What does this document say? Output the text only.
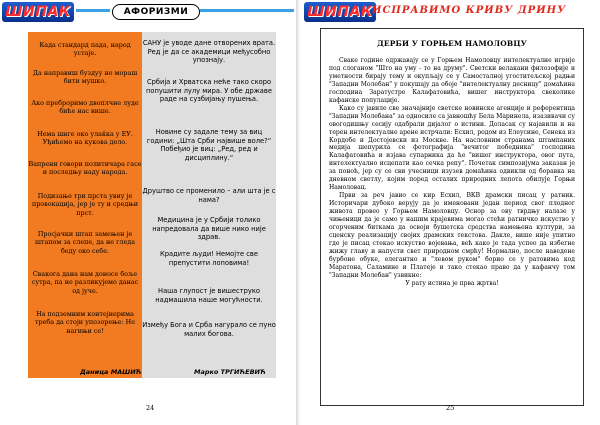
ШИПАК	АФОРИЗМИ
Када стандард пада, народ устаје.
Да направиш буздуу не мораш бити мушко.
Ако преброримо двоплчне луде биће нас више.
Нема шнге око улаќка у ЕУ. Уђићемо на кукова дело.
Вапрени говори политичара гасе и последњу наду народа.
Подизање три прста увиу је провокација, јер је ту и средњи прст.
Просјачки штап замењен је штапом за слепе, да не гледа беду око себе.
Свакога дана нам доносе боље сутра, па не разликујемо данас од јуче.
На подземним контејнерима треба да стоји упозорење: Не нагињи се!
Даница МАШИЋ
САНУ је уводе дане отворених врата. Ред је да се академици међусобно упознају.
Србија и Хрватска неће тако скоро попушити лулу мира. У обе државе раде на сузбијању пушења.
Новине су задале тему за виц години: „Шта Срби највише воле?“ Побеђио је виц: „Ред, ред и дисциплину.“
Друштво се променило – али шта је с нама?
Медицина је у Србији толико напредовала да више нико није здрав.
Крадите људи! Немојте све препустити лоповима!
Наша глупост је вишеструко надмашила наше могућности.
Између Бога и Срба нагурало се пуно малих богова.
Марко ТРГИЋЕВИЋ
24
ШИПАК ИСПРАВИМО КРИВУ ДРИНУ
ДЕРБИ У ГОРЊЕМ НАМОЛОВЦУ

Сваке године одржавају се у Горњем Намоловцу интелектуалне игрије под слоганом "Што на уму - то на друму". Светски велакани филозофије и уметности бирају тему и окупљају се у Самосталној угоститељској радњи "Западни Молебан" у покушају да обоје "интелектуалну десницу" домаћина господина Заратустре Калафатовића, вишег инструктора свеколике кафанске популације.

Како су јавиле све значајније светске новинске агенције и референтица "Западни Молебана" за односиле са јавношћу Бела Маринела, изазивачи су овогодишњу сесију одабрали дијалог о истини. Доласак су најавили и на терен интелектуалне арене истрчали: Есхил, родом из Елеусине, Сенека из Кордобе и Достојевски из Москве. На насловним странама штампаних медија шепурила се фотографија "вечитог победника" господина Калафатовића и изјава супарника да ће "вишег инструктора, овог пута, интелектуално исцепати као сечка репу". Почетак симпозијума заказан је за поноћ, јер су се сви учесници изузев домаћина одвикли од боравка на дневном светлу, којим поред осталих природних лепота обилује Горњи Намоловац.

Први за реч јавио се кир Есхил, ВКВ драмски писац у ратник. Историчари дубоко верују да је именовани један период свог плодног живота провео у Горњем Намоловцу. Оснор за ову тврдњу налазе у чињеници да је само у нашим крајевима могао стећи ратничко искуство у огорченим биткама да освоји бушетска средства намењена култури, за сценску реализацију својих драмских текстова. Дакле, више није упитно где је писац стекао искуство војевања, већ како је тада успео да избегне жижу главу и напусти свет природном смрћу! Нормално, после наведене бурбоне обуке, елегантно и "левом руком" борио се у ратовима код Маратона, Саламине и Платеје и тако стекао право да у кафанчу том "Западни Молебан" узвикне:

У рату истина је прва жртва!

25
